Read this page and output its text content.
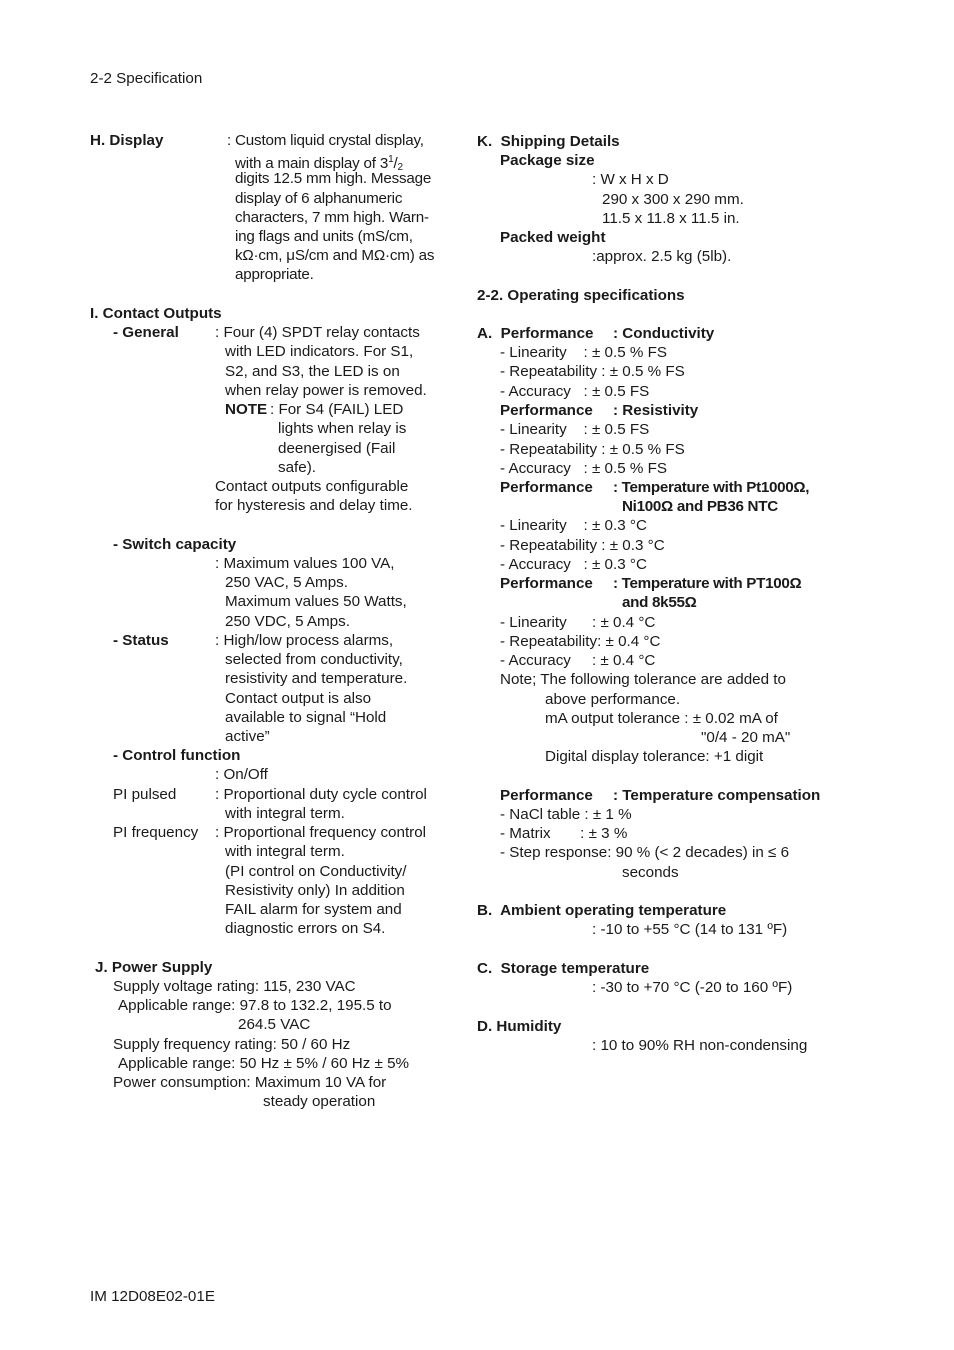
2-2 Specification
H. Display	: Custom liquid crystal display,
with a main display of $3^1/_2$
digits 12.5 mm high. Message
display of 6 alphanumeric
characters, 7 mm high. Warn-
ing flags and units (mS/cm,
kΩ·cm, μS/cm and MΩ·cm) as
appropriate.
I. Contact Outputs
- General : Four (4) SPDT relay contacts
with LED indicators. For S1,
S2, and S3, the LED is on
when relay power is removed.
NOTE : For S4 (FAIL) LED
lights when relay is
deenergised (Fail
safe).
Contact outputs configurable
for hysteresis and delay time.
- Switch capacity
: Maximum values 100 VA,
250 VAC, 5 Amps.
Maximum values 50 Watts,
250 VDC, 5 Amps.
- Status	: High/low process alarms,
selected from conductivity,
resistivity and temperature.
Contact output is also
available to signal “Hold
active”
- Control function
: On/Off
PI pulsed	: Proportional duty cycle control
with integral term.
PI frequency : Proportional frequency control
with integral term.
(PI control on Conductivity/
Resistivity only) In addition
FAIL alarm for system and
diagnostic errors on S4.
J. Power Supply
Supply voltage rating: 115, 230 VAC
Applicable range: 97.8 to 132.2, 195.5 to
264.5 VAC
Supply frequency rating: 50 / 60 Hz
Applicable range: 50 Hz ± 5% / 60 Hz ± 5%
Power consumption: Maximum 10 VA for
steady operation
K.  Shipping Details
Package size
: W x H x D
290 x 300 x 290 mm.
11.5 x 11.8 x 11.5 in.
Packed weight
:approx. 2.5 kg (5lb).
2-2. Operating specifications
A.  Performance : Conductivity
- Linearity    : ± 0.5 % FS
- Repeatability : ± 0.5 % FS
- Accuracy   : ± 0.5 FS
Performance : Resistivity
- Linearity    : ± 0.5 FS
- Repeatability : ± 0.5 % FS
- Accuracy   : ± 0.5 % FS
Performance : Temperature with Pt1000Ω,
Ni100Ω and PB36 NTC
- Linearity    : ± 0.3 °C
- Repeatability : ± 0.3 °C
- Accuracy   : ± 0.3 °C
Performance : Temperature with PT100Ω
and 8k55Ω
- Linearity      : ± 0.4 °C
- Repeatability: ± 0.4 °C
- Accuracy     : ± 0.4 °C
Note; The following tolerance are added to
above performance.
mA output tolerance : ± 0.02 mA of
"0/4 - 20 mA"
Digital display tolerance: +1 digit
Performance : Temperature compensation
- NaCl table : ± 1 %
- Matrix       : ± 3 %
- Step response: 90 % (< 2 decades) in ≤ 6
seconds
B.  Ambient operating temperature
: -10 to +55 °C (14 to 131 ºF)
C.  Storage temperature
: -30 to +70 °C (-20 to 160 ºF)
D. Humidity
: 10 to 90% RH non-condensing
IM 12D08E02-01E
